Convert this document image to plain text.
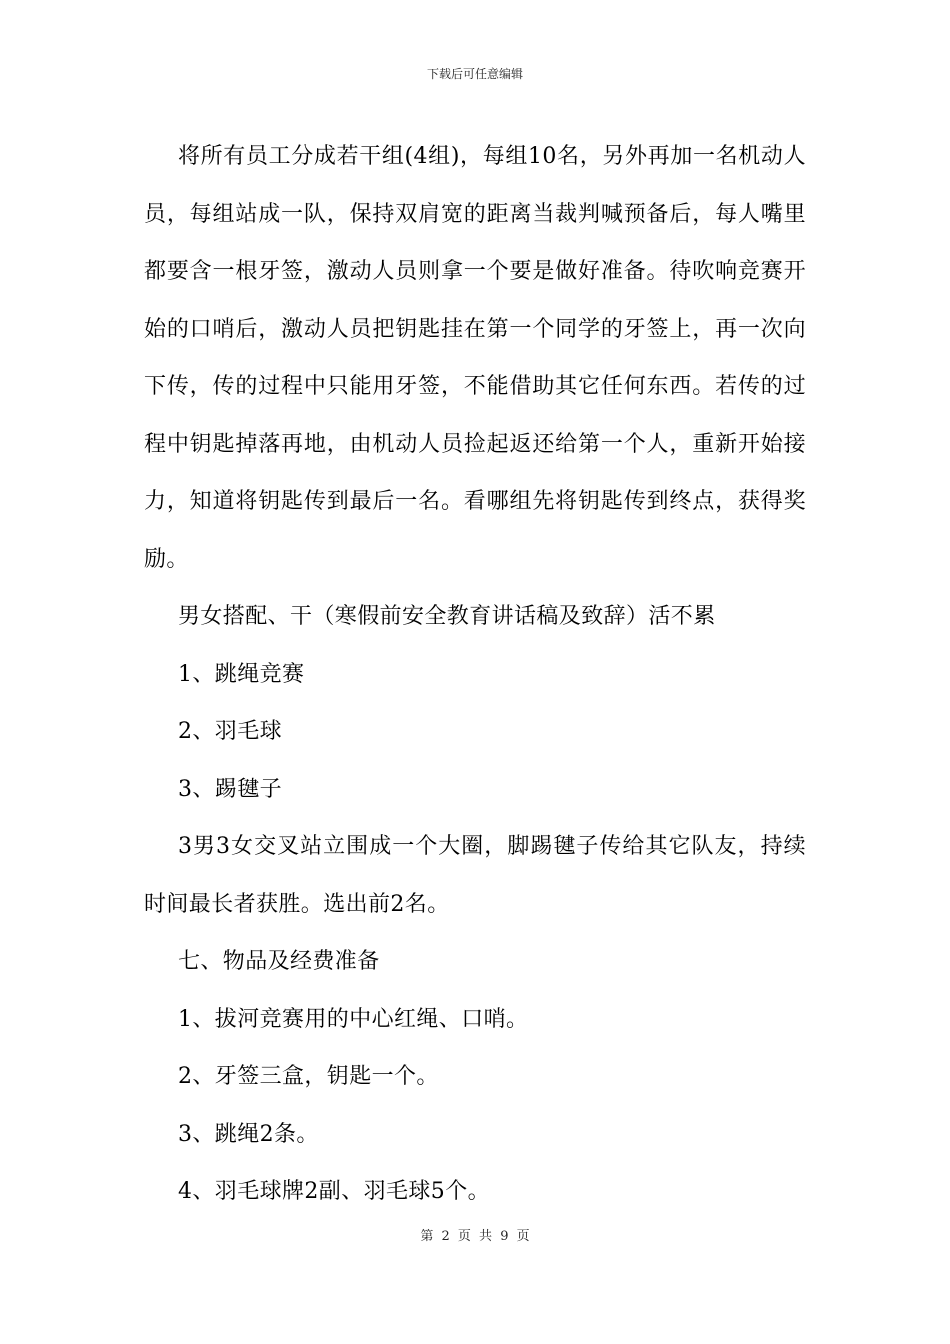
下载后可任意编辑

将所有员工分成若干组(4组)，每组10名，另外再加一名机动人员，每组站成一队，保持双肩宽的距离当裁判喊预备后，每人嘴里都要含一根牙签，激动人员则拿一个要是做好准备。待吹响竞赛开始的口哨后，激动人员把钥匙挂在第一个同学的牙签上，再一次向下传，传的过程中只能用牙签，不能借助其它任何东西。若传的过程中钥匙掉落再地，由机动人员捡起返还给第一个人，重新开始接力，知道将钥匙传到最后一名。看哪组先将钥匙传到终点，获得奖励。

男女搭配、干（寒假前安全教育讲话稿及致辞）活不累

1、跳绳竞赛

2、羽毛球

3、踢毽子

3男3女交叉站立围成一个大圈，脚踢毽子传给其它队友，持续时间最长者获胜。选出前2名。

七、物品及经费准备

1、拔河竞赛用的中心红绳、口哨。

2、牙签三盒，钥匙一个。

3、跳绳2条。

4、羽毛球牌2副、羽毛球5个。

第 2 页 共 9 页
